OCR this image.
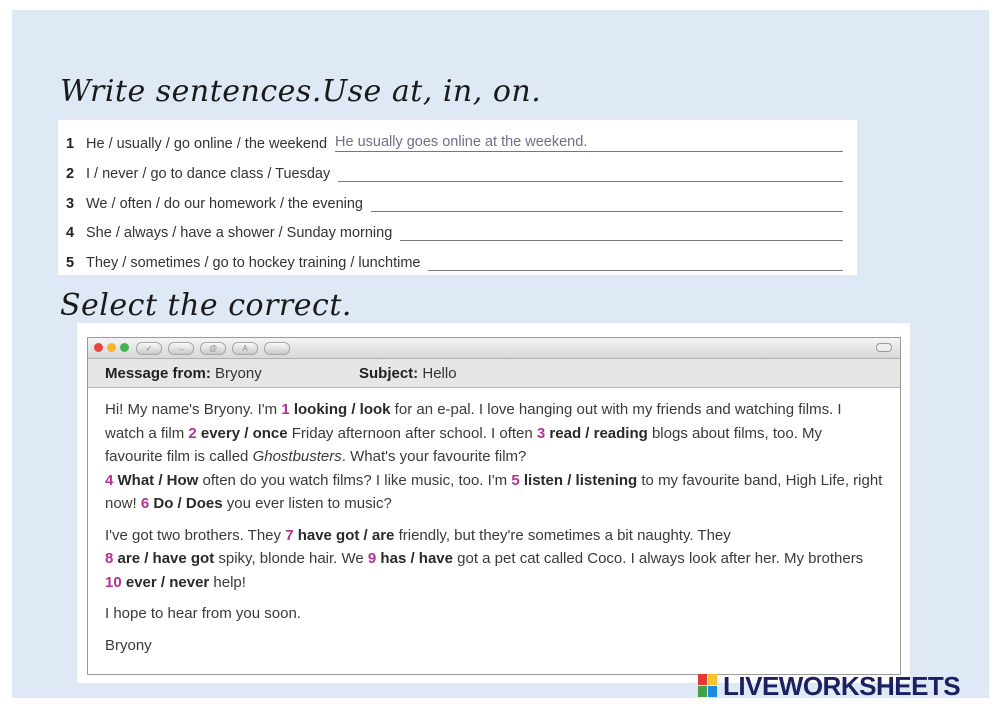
Write sentences.Use at, in, on.
1 He / usually / go online / the weekend He usually goes online at the weekend.
2 I / never / go to dance class / Tuesday
3 We / often / do our homework / the evening
4 She / always / have a shower / Sunday morning
5 They / sometimes / go to hockey training / lunchtime
Select the correct.
✓	→	@	A
Message from: Bryony	Subject: Hello

Hi! My name's Bryony. I'm 1 looking / look for an e-pal. I love hanging out with my friends and watching films. I watch a film 2 every / once Friday afternoon after school. I often 3 read / reading blogs about films, too. My favourite film is called Ghostbusters. What's your favourite film?
4 What / How often do you watch films? I like music, too. I'm 5 listen / listening to my favourite band, High Life, right now! 6 Do / Does you ever listen to music?

I've got two brothers. They 7 have got / are friendly, but they're sometimes a bit naughty. They
8 are / have got spiky, blonde hair. We 9 has / have got a pet cat called Coco. I always look after her. My brothers 10 ever / never help!

I hope to hear from you soon.

Bryony

LIVEWORKSHEETS
